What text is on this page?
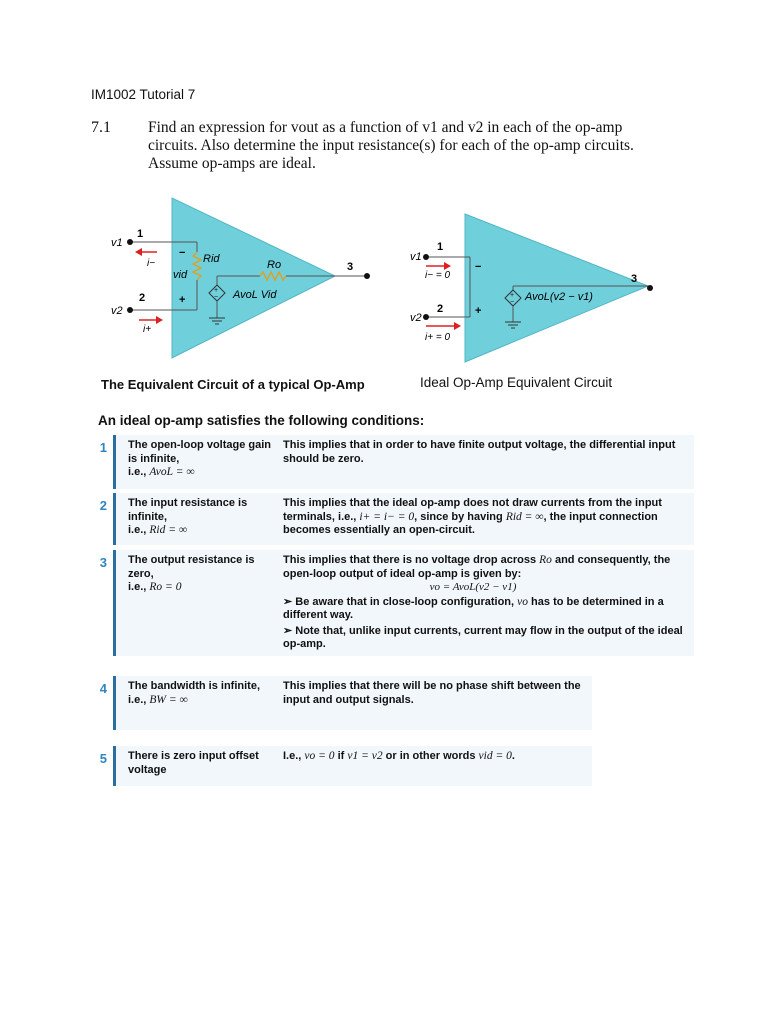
IM1002 Tutorial 7
7.1 Find an expression for vout as a function of v1 and v2 in each of the op-amp circuits. Also determine the input resistance(s) for each of the op-amp circuits. Assume op-amps are ideal.
+
−
v1
v2
1
2
3
−
+
i−
i+
Rid
vid
Ro
AvoL Vid	+
−
v1
v2
1
2
3
−
+
i− = 0
i+ = 0
AvoL(v2 − v1)
The Equivalent Circuit of a typical Op-Amp	Ideal Op-Amp Equivalent Circuit
An ideal op-amp satisfies the following conditions:
1 The open-loop voltage gain is infinite,
i.e., AvoL = ∞
This implies that in order to have finite output voltage, the differential input should be zero.
2 The input resistance is infinite,
i.e., Rid = ∞
This implies that the ideal op-amp does not draw currents from the input terminals, i.e., i+ = i− = 0, since by having Rid = ∞, the input connection becomes essentially an open-circuit.
3 The output resistance is zero,
i.e., Ro = 0
This implies that there is no voltage drop across Ro and consequently, the open-loop output of ideal op-amp is given by:
vo = AvoL(v2 − v1)
➢ Be aware that in close-loop configuration, vo has to be determined in a different way.
➢ Note that, unlike input currents, current may flow in the output of the ideal op-amp.
4 The bandwidth is infinite,
i.e., BW = ∞
This implies that there will be no phase shift between the input and output signals.
5 There is zero input offset voltage
I.e., vo = 0 if v1 = v2 or in other words vid = 0.
